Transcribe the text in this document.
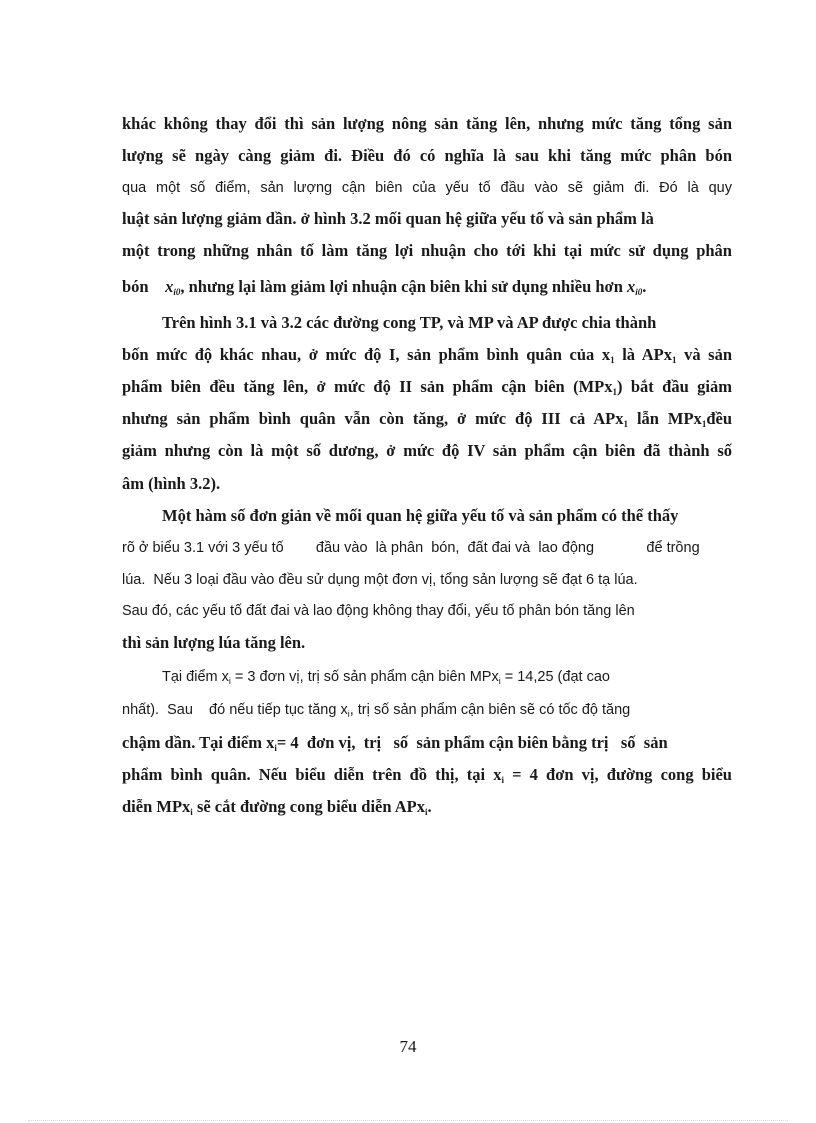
khác không thay đổi thì sản lượng nông sản tăng lên, nhưng mức tăng tổng sản
lượng sẽ ngày càng giảm đi. Điều đó có nghĩa là sau khi tăng mức phân bón
qua một số điểm, sản lượng cận biên của yếu tố đầu vào sẽ giảm đi. Đó là quy
luật sản lượng giảm dần. ở hình 3.2 mối quan hệ giữa yếu tố và sản phẩm là
một trong những nhân tố làm tăng lợi nhuận cho tới khi tại mức sử dụng phân
bón $x_{i0}$, nhưng lại làm giảm lợi nhuận cận biên khi sử dụng nhiều hơn $x_{i0}$.
Trên hình 3.1 và 3.2 các đường cong TP, và MP và AP được chia thành
bốn mức độ khác nhau, ở mức độ I, sản phẩm bình quân của $x_1$ là APx$_1$ và sản
phẩm biên đều tăng lên, ở mức độ II sản phẩm cận biên (MPx$_1$) bắt đầu giảm
nhưng sản phẩm bình quân vẫn còn tăng, ở mức độ III cả APx$_1$ lẫn MPx$_1$đều
giảm nhưng còn là một số dương, ở mức độ IV sản phẩm cận biên đã thành số
âm (hình 3.2).
Một hàm số đơn giản về mối quan hệ giữa yếu tố và sản phẩm có thể thấy
rõ ở biểu 3.1 với 3 yếu tố        đầu vào  là phân  bón,  đất đai và  lao động             để trồng
lúa.  Nếu 3 loại đầu vào đều sử dụng một đơn vị, tổng sản lượng sẽ đạt 6 tạ lúa.
Sau đó, các yếu tố đất đai và lao động không thay đổi, yếu tố phân bón tăng lên
thì sản lượng lúa tăng lên.
Tại điểm $x_i = 3$ đơn vị, trị số sản phẩm cận biên MPx$_i$ = 14,25 (đạt cao
nhất).  Sau    đó nếu tiếp tục tăng $x_i$, trị số sản phẩm cận biên sẽ có tốc độ tăng
chậm dần. Tại điểm $x_i= 4$  đơn vị,  trị   số  sản phẩm cận biên bằng trị   số  sản
phẩm bình quân. Nếu biểu diễn trên đồ thị, tại $x_i = 4$ đơn vị, đường cong biểu
diễn MPx$_i$ sẽ cắt đường cong biểu diễn APx$_i$.
74
